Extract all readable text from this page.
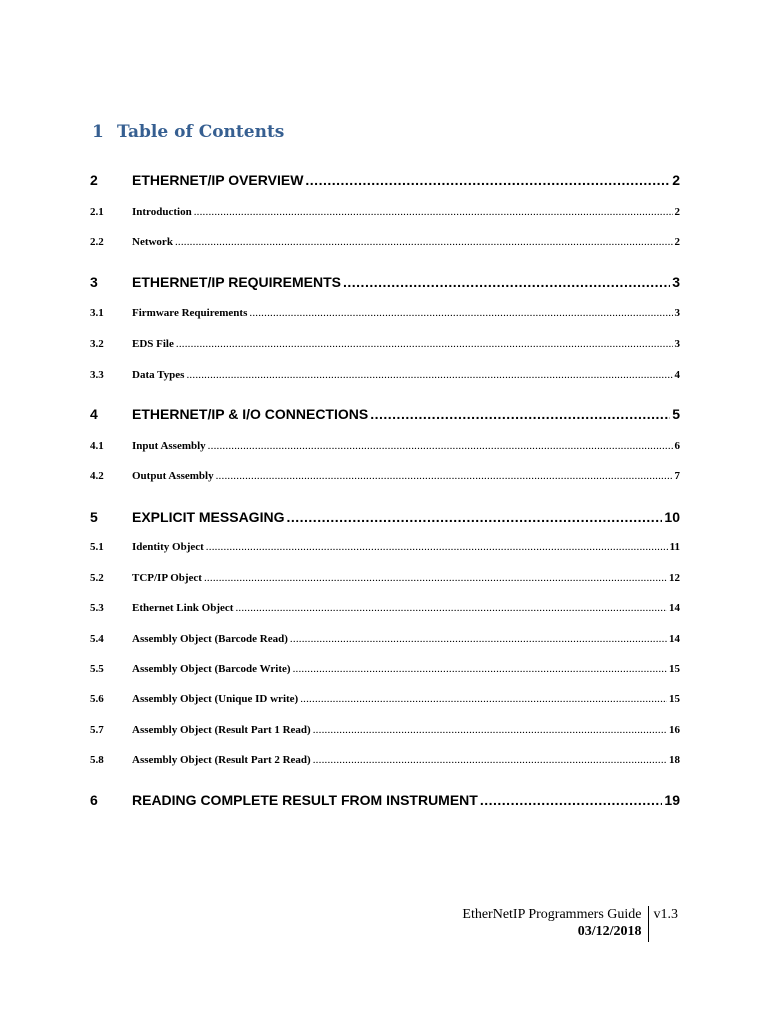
1 Table of Contents
2	ETHERNET/IP OVERVIEW .....	2
2.1	Introduction .....	2
2.2	Network .....	2
3	ETHERNET/IP REQUIREMENTS .....	3
3.1	Firmware Requirements .....	3
3.2	EDS File .....	3
3.3	Data Types .....	4
4	ETHERNET/IP & I/O CONNECTIONS .....	5
4.1	Input Assembly .....	6
4.2	Output Assembly .....	7
5	EXPLICIT MESSAGING .....	10
5.1	Identity Object .....	11
5.2	TCP/IP Object .....	12
5.3	Ethernet Link Object .....	14
5.4	Assembly Object (Barcode Read) .....	14
5.5	Assembly Object (Barcode Write) .....	15
5.6	Assembly Object (Unique ID write) .....	15
5.7	Assembly Object (Result Part 1 Read) .....	16
5.8	Assembly Object (Result Part 2 Read) .....	18
6	READING COMPLETE RESULT FROM INSTRUMENT .....	19
EtherNetIP Programmers Guide
03/12/2018
v1.3
